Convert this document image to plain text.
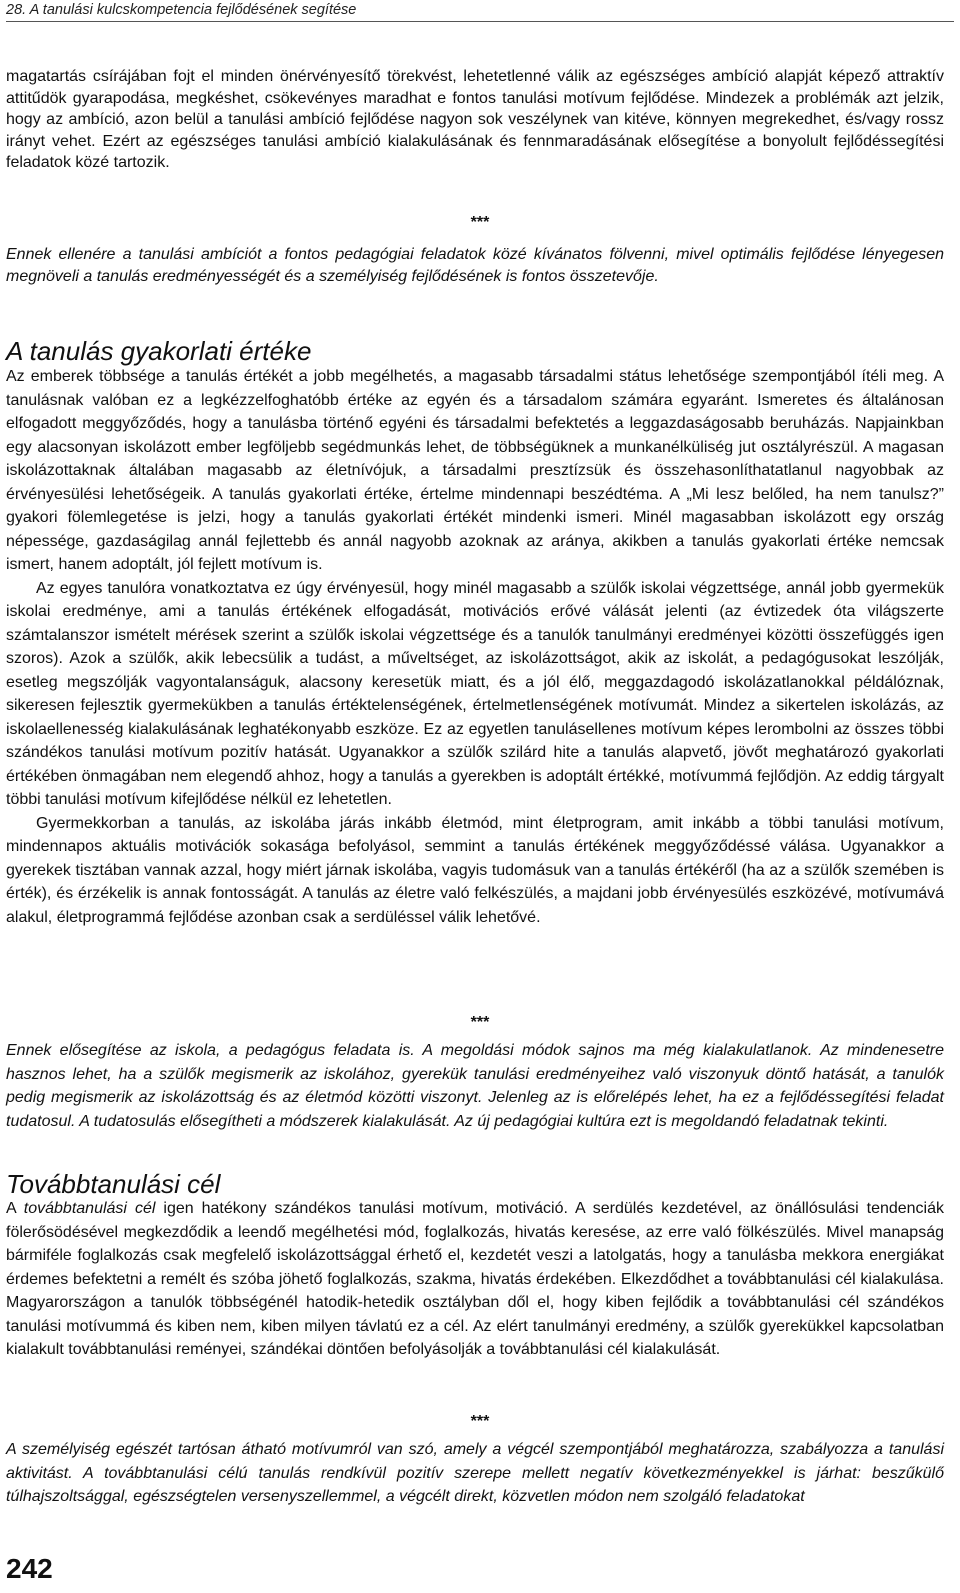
28. A tanulási kulcskompetencia fejlődésének segítése

magatartás csírájában fojt el minden önérvényesítő törekvést, lehetetlenné válik az egészséges ambíció alapját képező attraktív attitűdök gyarapodása, megkéshet, csökevényes maradhat e fontos tanulási motívum fejlődése. Mindezek a problémák azt jelzik, hogy az ambíció, azon belül a tanulási ambíció fejlődése nagyon sok veszélynek van kitéve, könnyen megrekedhet, és/vagy rossz irányt vehet. Ezért az egészséges tanulási ambíció kialakulásának és fennmaradásának elősegítése a bonyolult fejlődéssegítési feladatok közé tartozik.

***

Ennek ellenére a tanulási ambíciót a fontos pedagógiai feladatok közé kívánatos fölvenni, mivel optimális fejlődése lényegesen megnöveli a tanulás eredményességét és a személyiség fejlődésének is fontos összetevője.

A tanulás gyakorlati értéke

Az emberek többsége a tanulás értékét a jobb megélhetés, a magasabb társadalmi státus lehetősége szempontjából ítéli meg. A tanulásnak valóban ez a legkézzelfoghatóbb értéke az egyén és a társadalom számára egyaránt. Ismeretes és általánosan elfogadott meggyőződés, hogy a tanulásba történő egyéni és társadalmi befektetés a leggazdaságosabb beruházás. Napjainkban egy alacsonyan iskolázott ember legföljebb segédmunkás lehet, de többségüknek a munkanélküliség jut osztályrészül. A magasan iskolázottaknak általában magasabb az életnívójuk, a társadalmi presztízsük és összehasonlíthatatlanul nagyobbak az érvényesülési lehetőségeik. A tanulás gyakorlati értéke, értelme mindennapi beszédtéma. A „Mi lesz belőled, ha nem tanulsz?” gyakori fölemlegetése is jelzi, hogy a tanulás gyakorlati értékét mindenki ismeri. Minél magasabban iskolázott egy ország népessége, gazdaságilag annál fejlettebb és annál nagyobb azoknak az aránya, akikben a tanulás gyakorlati értéke nemcsak ismert, hanem adoptált, jól fejlett motívum is.

Az egyes tanulóra vonatkoztatva ez úgy érvényesül, hogy minél magasabb a szülők iskolai végzettsége, annál jobb gyermekük iskolai eredménye, ami a tanulás értékének elfogadását, motivációs erővé válását jelenti (az évtizedek óta világszerte számtalanszor ismételt mérések szerint a szülők iskolai végzettsége és a tanulók tanulmányi eredményei közötti összefüggés igen szoros). Azok a szülők, akik lebecsülik a tudást, a műveltséget, az iskolázottságot, akik az iskolát, a pedagógusokat leszólják, esetleg megszólják vagyontalanságuk, alacsony keresetük miatt, és a jól élő, meggazdagodó iskolázatlanokkal példálóznak, sikeresen fejlesztik gyermekükben a tanulás értéktelenségének, értelmetlenségének motívumát. Mindez a sikertelen iskolázás, az iskolaellenesség kialakulásának leghatékonyabb eszköze. Ez az egyetlen tanulásellenes motívum képes lerombolni az összes többi szándékos tanulási motívum pozitív hatását. Ugyanakkor a szülők szilárd hite a tanulás alapvető, jövőt meghatározó gyakorlati értékében önmagában nem elegendő ahhoz, hogy a tanulás a gyerekben is adoptált értékké, motívummá fejlődjön. Az eddig tárgyalt többi tanulási motívum kifejlődése nélkül ez lehetetlen.

Gyermekkorban a tanulás, az iskolába járás inkább életmód, mint életprogram, amit inkább a többi tanulási motívum, mindennapos aktuális motivációk sokasága befolyásol, semmint a tanulás értékének meggyőződéssé válása. Ugyanakkor a gyerekek tisztában vannak azzal, hogy miért járnak iskolába, vagyis tudomásuk van a tanulás értékéről (ha az a szülők szemében is érték), és érzékelik is annak fontosságát. A tanulás az életre való felkészülés, a majdani jobb érvényesülés eszközévé, motívumává alakul, életprogrammá fejlődése azonban csak a serdüléssel válik lehetővé.

***

Ennek elősegítése az iskola, a pedagógus feladata is. A megoldási módok sajnos ma még kialakulatlanok. Az mindenesetre hasznos lehet, ha a szülők megismerik az iskolához, gyerekük tanulási eredményeihez való viszonyuk döntő hatását, a tanulók pedig megismerik az iskolázottság és az életmód közötti viszonyt. Jelenleg az is előrelépés lehet, ha ez a fejlődéssegítési feladat tudatosul. A tudatosulás elősegítheti a módszerek kialakulását. Az új pedagógiai kultúra ezt is megoldandó feladatnak tekinti.

Továbbtanulási cél

A továbbtanulási cél igen hatékony szándékos tanulási motívum, motiváció. A serdülés kezdetével, az önállósulási tendenciák fölerősödésével megkezdődik a leendő megélhetési mód, foglalkozás, hivatás keresése, az erre való fölkészülés. Mivel manapság bármiféle foglalkozás csak megfelelő iskolázottsággal érhető el, kezdetét veszi a latolgatás, hogy a tanulásba mekkora energiákat érdemes befektetni a remélt és szóba jöhető foglalkozás, szakma, hivatás érdekében. Elkezdődhet a továbbtanulási cél kialakulása. Magyarországon a tanulók többségénél hatodik-hetedik osztályban dől el, hogy kiben fejlődik a továbbtanulási cél szándékos tanulási motívummá és kiben nem, kiben milyen távlatú ez a cél. Az elért tanulmányi eredmény, a szülők gyerekükkel kapcsolatban kialakult továbbtanulási reményei, szándékai döntően befolyásolják a továbbtanulási cél kialakulását.

***

A személyiség egészét tartósan átható motívumról van szó, amely a végcél szempontjából meghatározza, szabályozza a tanulási aktivitást. A továbbtanulási célú tanulás rendkívül pozitív szerepe mellett negatív következményekkel is járhat: beszűkülő túlhajszoltsággal, egészségtelen versenyszellemmel, a végcélt direkt, közvetlen módon nem szolgáló feladatokat

242
